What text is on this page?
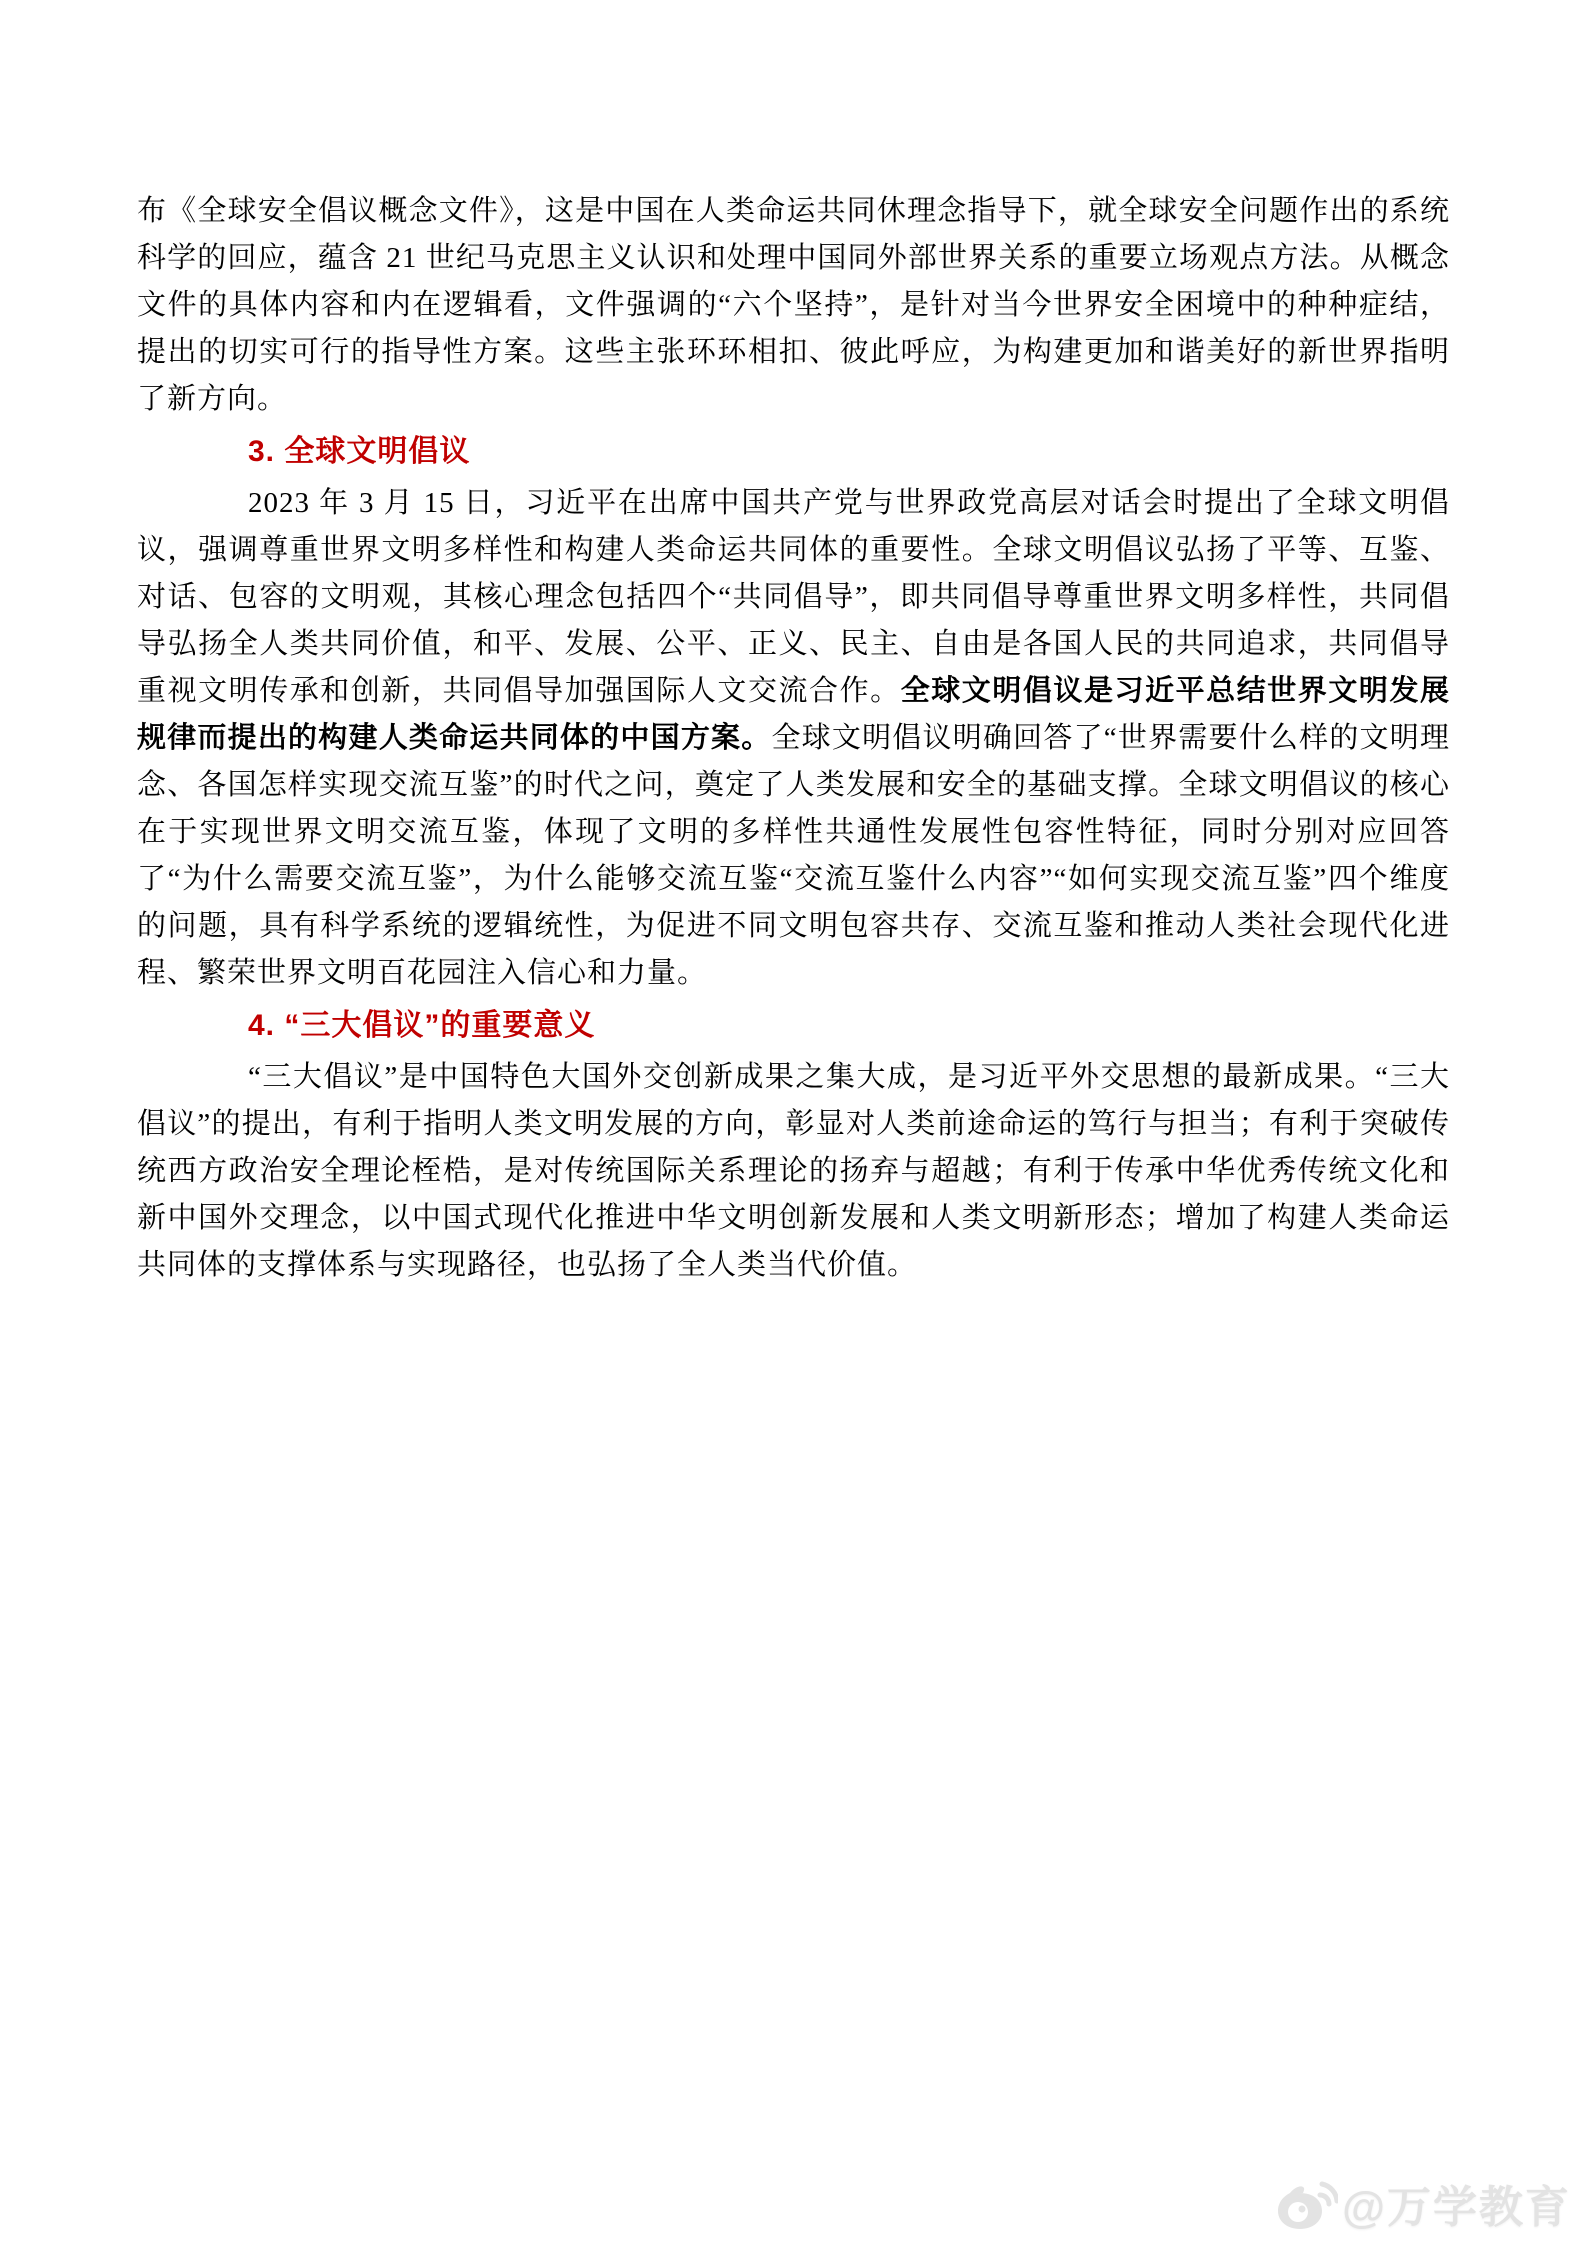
布《全球安全倡议概念文件》，这是中国在人类命运共同休理念指导下，就全球安全问题作出的系统科学的回应，蕴含 21 世纪马克思主义认识和处理中国同外部世界关系的重要立场观点方法。从概念文件的具体内容和内在逻辑看，文件强调的“六个坚持”，是针对当今世界安全困境中的种种症结，提出的切实可行的指导性方案。这些主张环环相扣、彼此呼应，为构建更加和谐美好的新世界指明了新方向。

3. 全球文明倡议

2023 年 3 月 15 日，习近平在出席中国共产党与世界政党高层对话会时提出了全球文明倡议，强调尊重世界文明多样性和构建人类命运共同体的重要性。全球文明倡议弘扬了平等、互鉴、对话、包容的文明观，其核心理念包括四个“共同倡导”，即共同倡导尊重世界文明多样性，共同倡导弘扬全人类共同价值，和平、发展、公平、正义、民主、自由是各国人民的共同追求，共同倡导重视文明传承和创新，共同倡导加强国际人文交流合作。全球文明倡议是习近平总结世界文明发展规律而提出的构建人类命运共同体的中国方案。全球文明倡议明确回答了“世界需要什么样的文明理念、各国怎样实现交流互鉴”的时代之问，奠定了人类发展和安全的基础支撑。全球文明倡议的核心在于实现世界文明交流互鉴，体现了文明的多样性共通性发展性包容性特征，同时分别对应回答了“为什么需要交流互鉴”，为什么能够交流互鉴“交流互鉴什么内容”“如何实现交流互鉴”四个维度的问题，具有科学系统的逻辑统性，为促进不同文明包容共存、交流互鉴和推动人类社会现代化进程、繁荣世界文明百花园注入信心和力量。

4. “三大倡议”的重要意义

“三大倡议”是中国特色大国外交创新成果之集大成，是习近平外交思想的最新成果。“三大倡议”的提出，有利于指明人类文明发展的方向，彰显对人类前途命运的笃行与担当；有利于突破传统西方政治安全理论桎梏，是对传统国际关系理论的扬弃与超越；有利于传承中华优秀传统文化和新中国外交理念，以中国式现代化推进中华文明创新发展和人类文明新形态；增加了构建人类命运共同体的支撑体系与实现路径，也弘扬了全人类当代价值。

@万学教育
